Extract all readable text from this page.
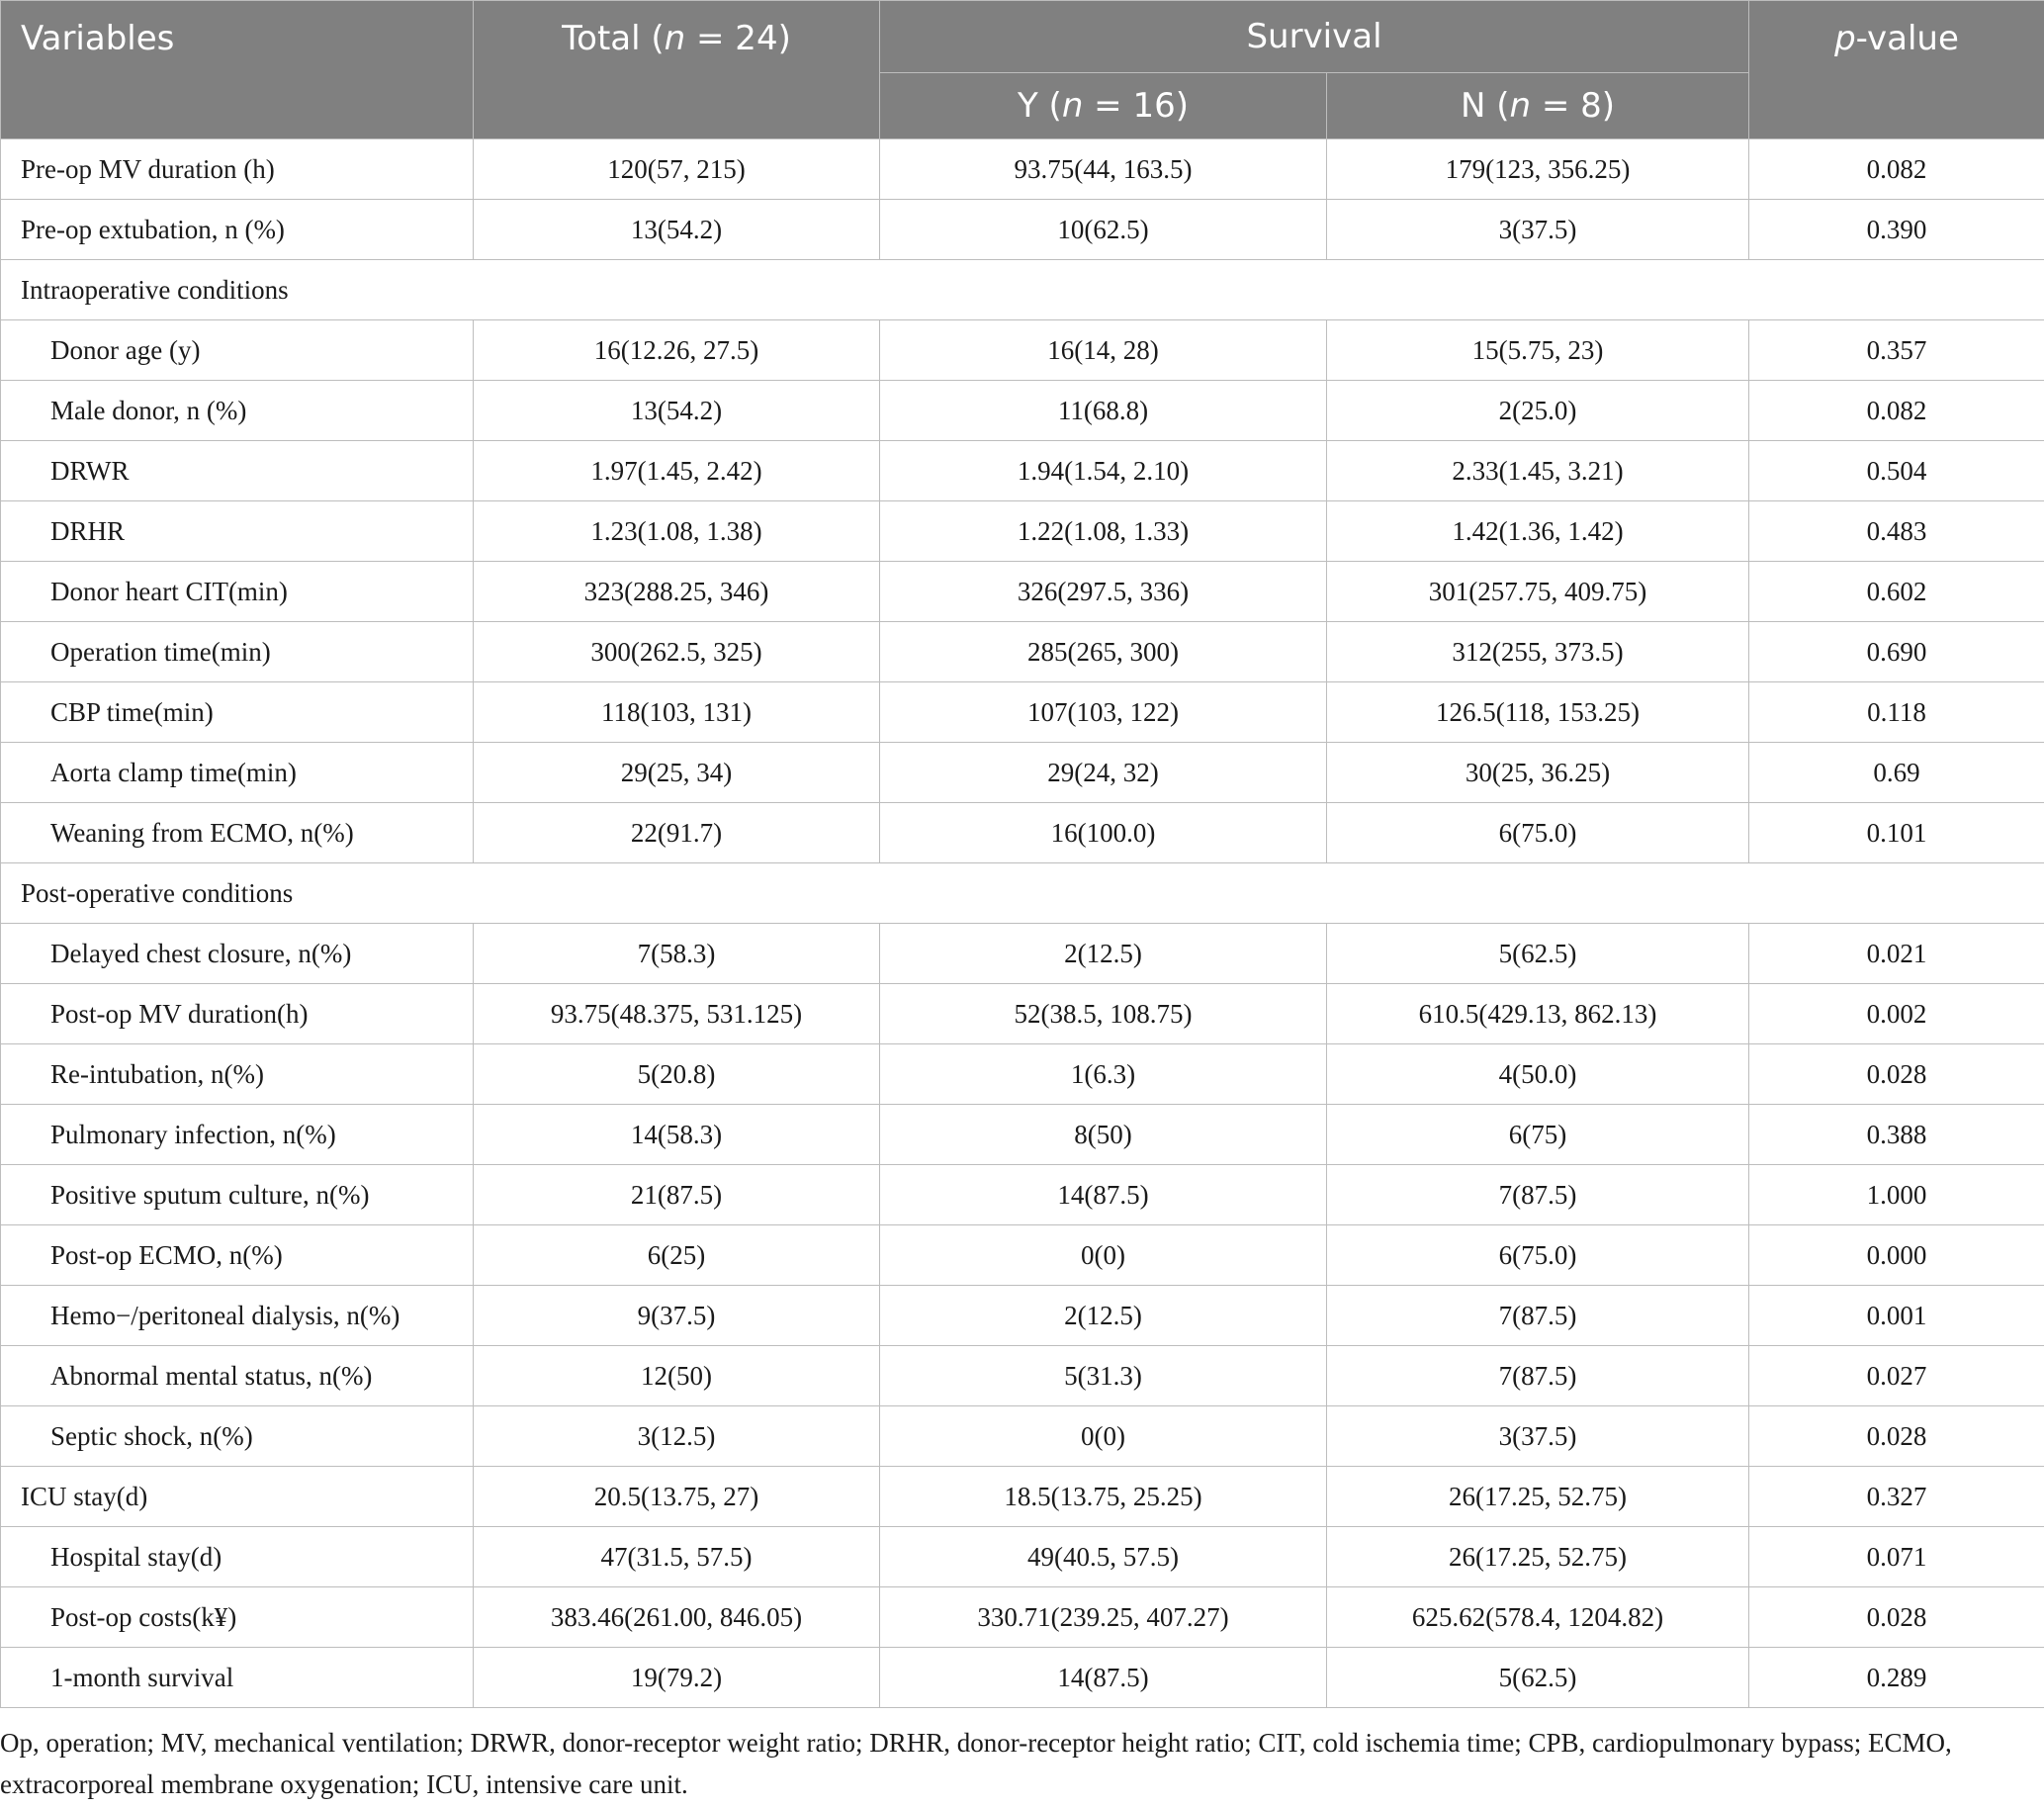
Variables	Total (n = 24)	Survival		p-value
		Y (n = 16)	N (n = 8)	
Pre-op MV duration (h)	120(57, 215)	93.75(44, 163.5)	179(123, 356.25)	0.082
Pre-op extubation, n (%)	13(54.2)	10(62.5)	3(37.5)	0.390
Intraoperative conditions				
Donor age (y)	16(12.26, 27.5)	16(14, 28)	15(5.75, 23)	0.357
Male donor, n (%)	13(54.2)	11(68.8)	2(25.0)	0.082
DRWR	1.97(1.45, 2.42)	1.94(1.54, 2.10)	2.33(1.45, 3.21)	0.504
DRHR	1.23(1.08, 1.38)	1.22(1.08, 1.33)	1.42(1.36, 1.42)	0.483
Donor heart CIT(min)	323(288.25, 346)	326(297.5, 336)	301(257.75, 409.75)	0.602
Operation time(min)	300(262.5, 325)	285(265, 300)	312(255, 373.5)	0.690
CBP time(min)	118(103, 131)	107(103, 122)	126.5(118, 153.25)	0.118
Aorta clamp time(min)	29(25, 34)	29(24, 32)	30(25, 36.25)	0.69
Weaning from ECMO, n(%)	22(91.7)	16(100.0)	6(75.0)	0.101
Post-operative conditions				
Delayed chest closure, n(%)	7(58.3)	2(12.5)	5(62.5)	0.021
Post-op MV duration(h)	93.75(48.375, 531.125)	52(38.5, 108.75)	610.5(429.13, 862.13)	0.002
Re-intubation, n(%)	5(20.8)	1(6.3)	4(50.0)	0.028
Pulmonary infection, n(%)	14(58.3)	8(50)	6(75)	0.388
Positive sputum culture, n(%)	21(87.5)	14(87.5)	7(87.5)	1.000
Post-op ECMO, n(%)	6(25)	0(0)	6(75.0)	0.000
Hemo−/peritoneal dialysis, n(%)	9(37.5)	2(12.5)	7(87.5)	0.001
Abnormal mental status, n(%)	12(50)	5(31.3)	7(87.5)	0.027
Septic shock, n(%)	3(12.5)	0(0)	3(37.5)	0.028
ICU stay(d)	20.5(13.75, 27)	18.5(13.75, 25.25)	26(17.25, 52.75)	0.327
Hospital stay(d)	47(31.5, 57.5)	49(40.5, 57.5)	26(17.25, 52.75)	0.071
Post-op costs(k¥)	383.46(261.00, 846.05)	330.71(239.25, 407.27)	625.62(578.4, 1204.82)	0.028
1-month survival	19(79.2)	14(87.5)	5(62.5)	0.289

Op, operation; MV, mechanical ventilation; DRWR, donor-receptor weight ratio; DRHR, donor-receptor height ratio; CIT, cold ischemia time; CPB, cardiopulmonary bypass; ECMO, extracorporeal membrane oxygenation; ICU, intensive care unit.
